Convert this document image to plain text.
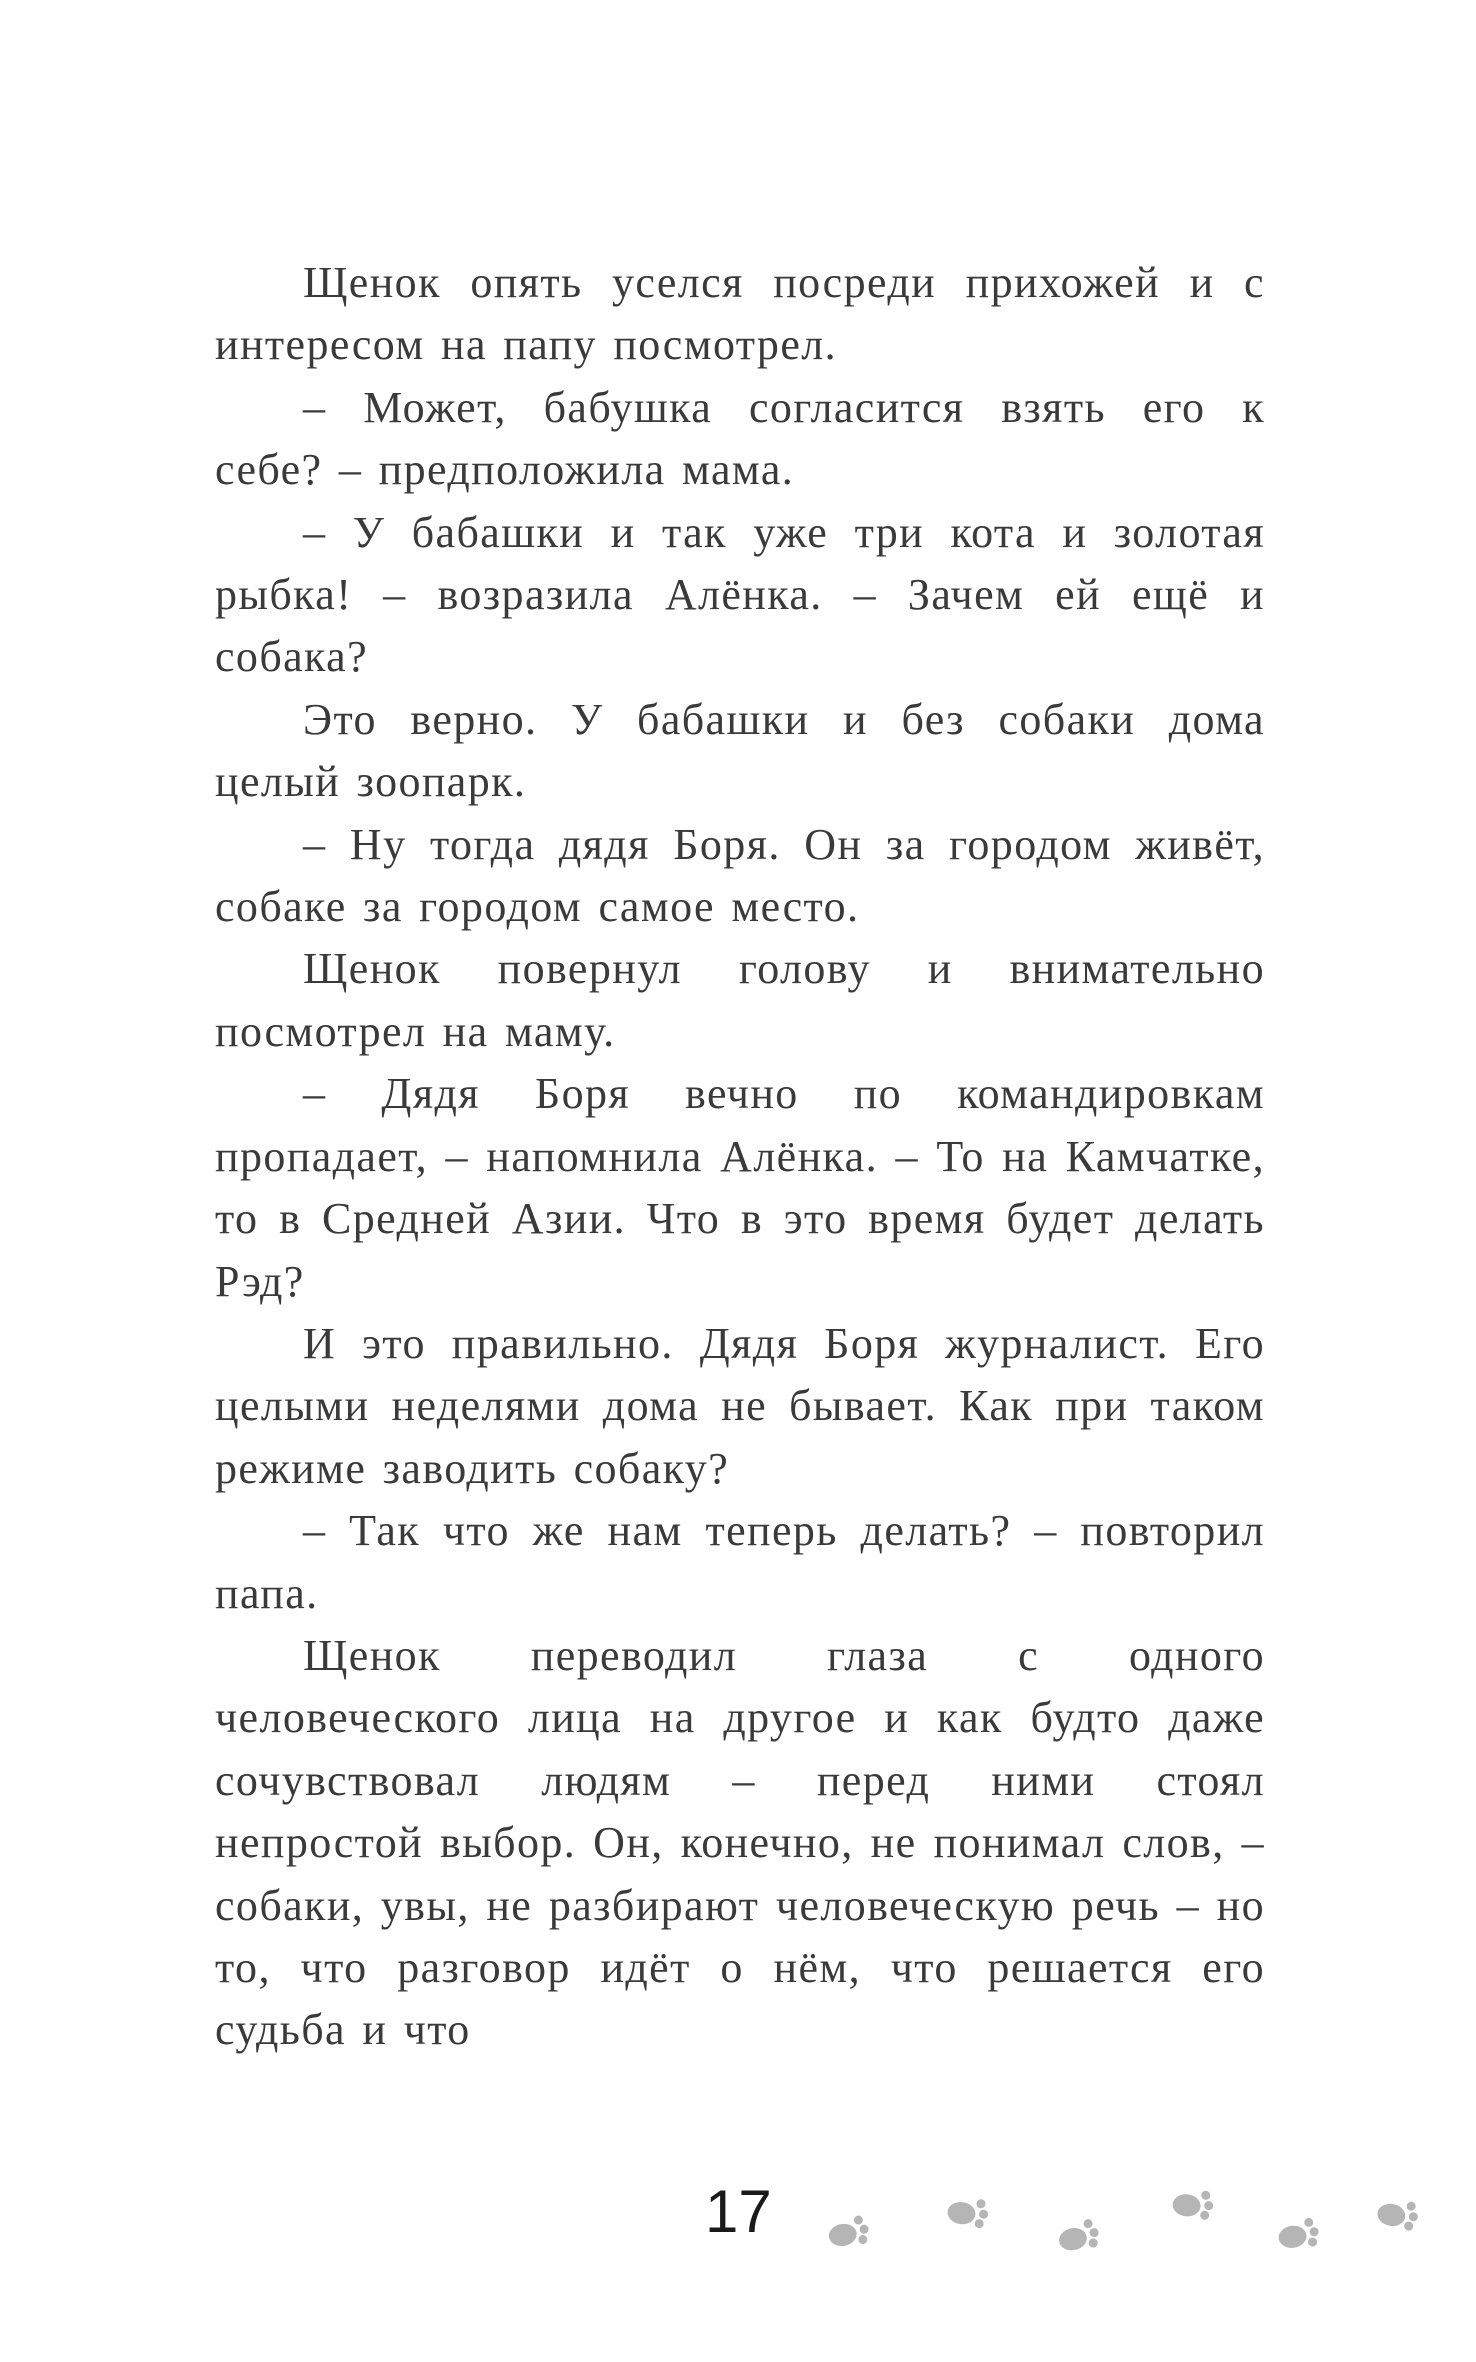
Щенок опять уселся посреди прихожей и с интересом на папу посмотрел.

– Может, бабушка согласится взять его к себе? – предположила мама.

– У бабашки и так уже три кота и золотая рыбка! – возразила Алёнка. – Зачем ей ещё и собака?

Это верно. У бабашки и без собаки дома целый зоопарк.

– Ну тогда дядя Боря. Он за городом живёт, собаке за городом самое место.

Щенок повернул голову и внимательно посмотрел на маму.

– Дядя Боря вечно по командировкам пропадает, – напомнила Алёнка. – То на Камчатке, то в Средней Азии. Что в это время будет делать Рэд?

И это правильно. Дядя Боря журналист. Его целыми неделями дома не бывает. Как при таком режиме заводить собаку?

– Так что же нам теперь делать? – повторил папа.

Щенок переводил глаза с одного человеческого лица на другое и как будто даже сочувствовал людям – перед ними стоял непростой выбор. Он, конечно, не понимал слов, – собаки, увы, не разбирают человеческую речь – но то, что разговор идёт о нём, что решается его судьба и что

17
